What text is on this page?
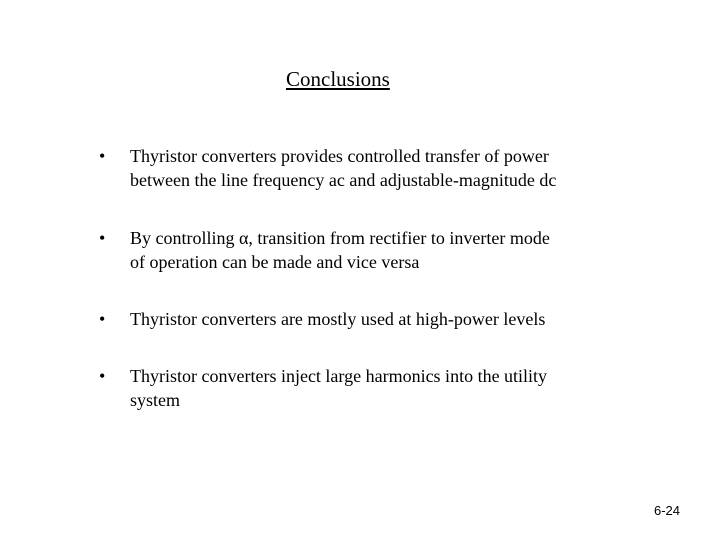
Conclusions
•	Thyristor converters provides controlled transfer of power
between the line frequency ac and adjustable-magnitude dc
•	By controlling α, transition from rectifier to inverter mode
of operation can be made and vice versa
•	Thyristor converters are mostly used at high-power levels
•	Thyristor converters inject large harmonics into the utility
system
6-24
